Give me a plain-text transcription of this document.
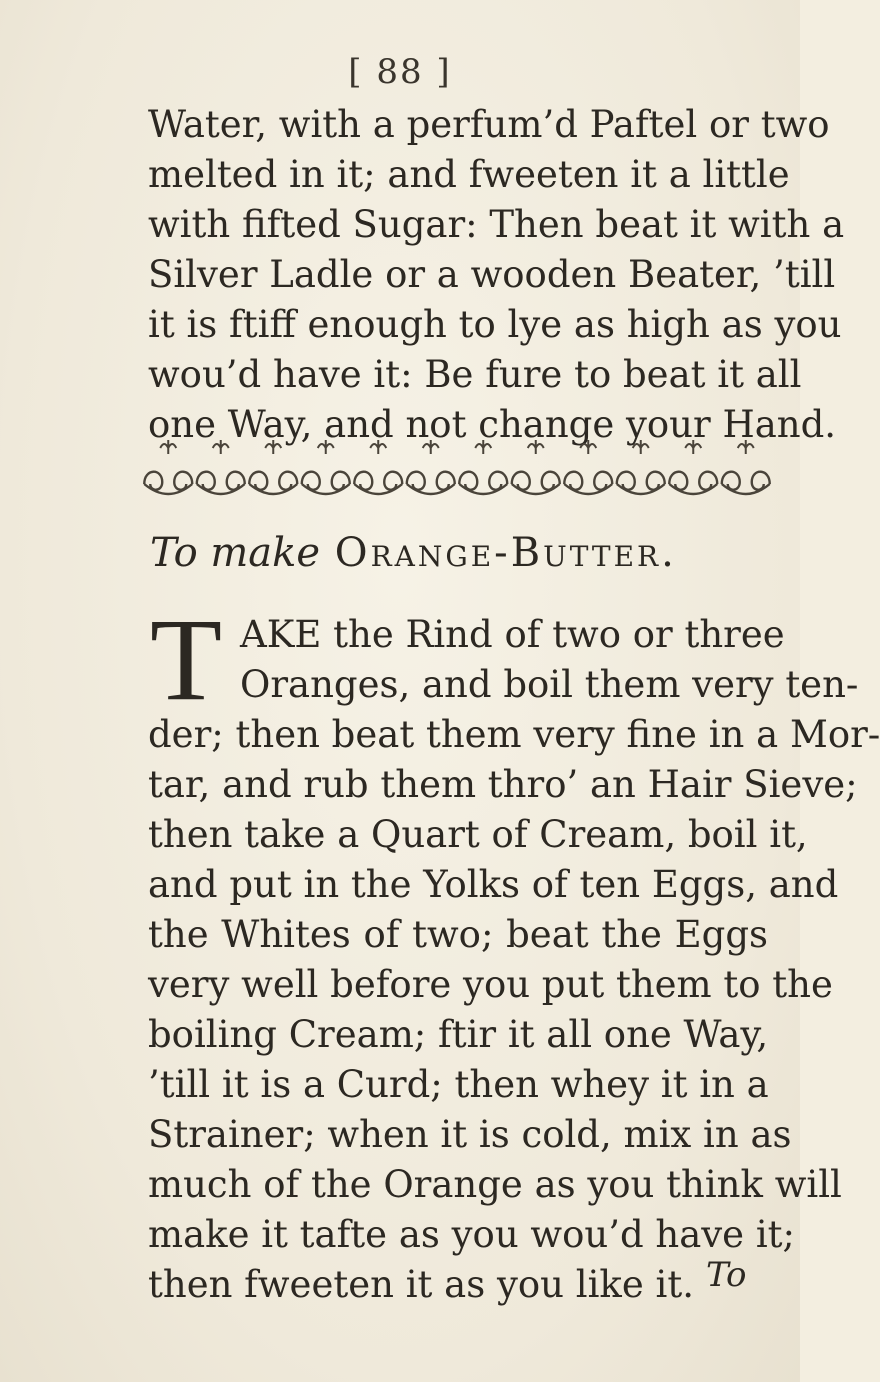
[ 88 ]
Water, with a perfum’d Paftel or two
melted in it; and fweeten it a little
with fifted Sugar: Then beat it with a
Silver Ladle or a wooden Beater, ’till
it is ftiff enough to lye as high as you
wou’d have it: Be fure to beat it all
one Way, and not change your Hand.
To make Orange-Butter.
T AKE the Rind of two or three
Oranges, and boil them very ten-
der; then beat them very fine in a Mor-
tar, and rub them thro’ an Hair Sieve;
then take a Quart of Cream, boil it,
and put in the Yolks of ten Eggs, and
the Whites of two; beat the Eggs
very well before you put them to the
boiling Cream; ftir it all one Way,
’till it is a Curd; then whey it in a
Strainer; when it is cold, mix in as
much of the Orange as you think will
make it tafte as you wou’d have it;
then fweeten it as you like it. To
